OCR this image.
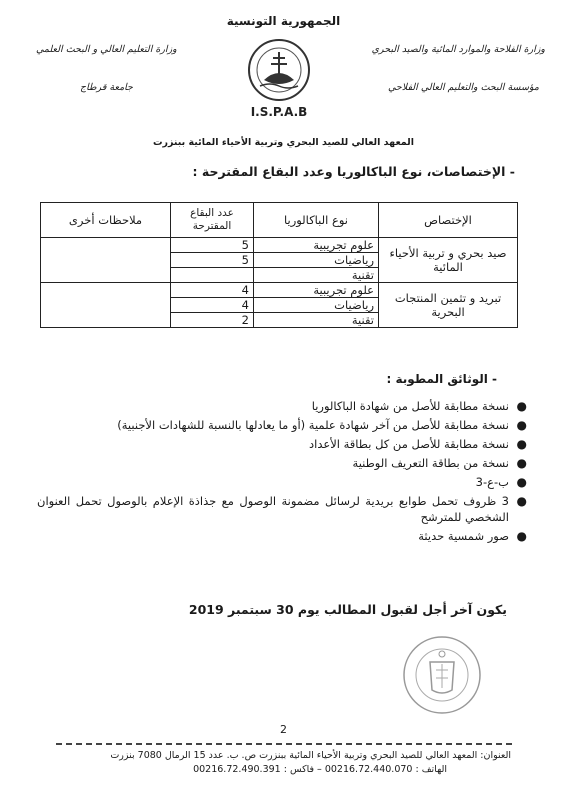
الجمهورية التونسية
وزارة التعليم العالي و البحث العلمي
جامعة قرطاج
وزارة الفلاحة والموارد المائية والصيد البحري
مؤسسة البحث والتعليم العالي الفلاحي
I.S.P.A.B
المعهد العالي للصيد البحري وتربية الأحياء المائية ببنزرت
- الإختصاصات، نوع الباكالوريا وعدد البقاع المقترحة :
الإختصاص	نوع الباكالوريا	عدد البقاع المقترحة	ملاحظات أخرى
صيد بحري و تربية الأحياء المائية	علوم تجريبية	5	
	رياضيات	5	
	تقنية		
تبريد و تثمين المنتجات البحرية	علوم تجريبية	4	
	رياضيات	4	
	تقنية	2	
- الوثائق المطوبة :
●
نسخة مطابقة للأصل من شهادة الباكالوريا
●
نسخة مطابقة للأصل من آخر شهادة علمية (أو ما يعادلها بالنسبة للشهادات الأجنبية)
●
نسخة مطابقة للأصل من كل بطاقة الأعداد
●
نسخة من بطاقة التعريف الوطنية
●
ب-ع-3
●
3 ظروف تحمل طوابع بريدية لرسائل مضمونة الوصول مع جذاذة الإعلام بالوصول تحمل العنوان الشخصي للمترشح
●
صور شمسية حديثة
يكون آخر أجل لقبول المطالب يوم 30 سبتمبر 2019
2
العنوان: المعهد العالي للصيد البحري وتربية الأحياء المائية ببنزرت ص. ب. عدد 15 الرمال 7080 بنزرت
الهاتف : 00216.72.440.070 – فاكس : 00216.72.490.391
